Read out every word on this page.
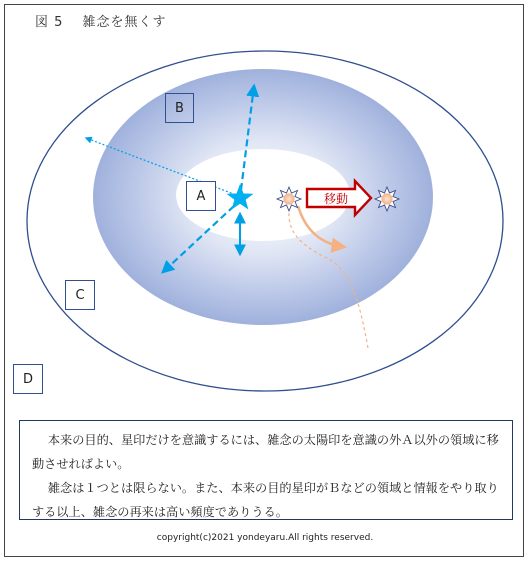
図 5　 雑念を無くす
B
A
C
D
移動

本来の目的、星印だけを意識するには、雑念の太陽印を意識の外Ａ以外の領域に移動させればよい。

雑念は１つとは限らない。また、本来の目的星印がＢなどの領域と情報をやり取りする以上、雑念の再来は高い頻度でありうる。

copyright(c)2021 yondeyaru.All rights reserved.
